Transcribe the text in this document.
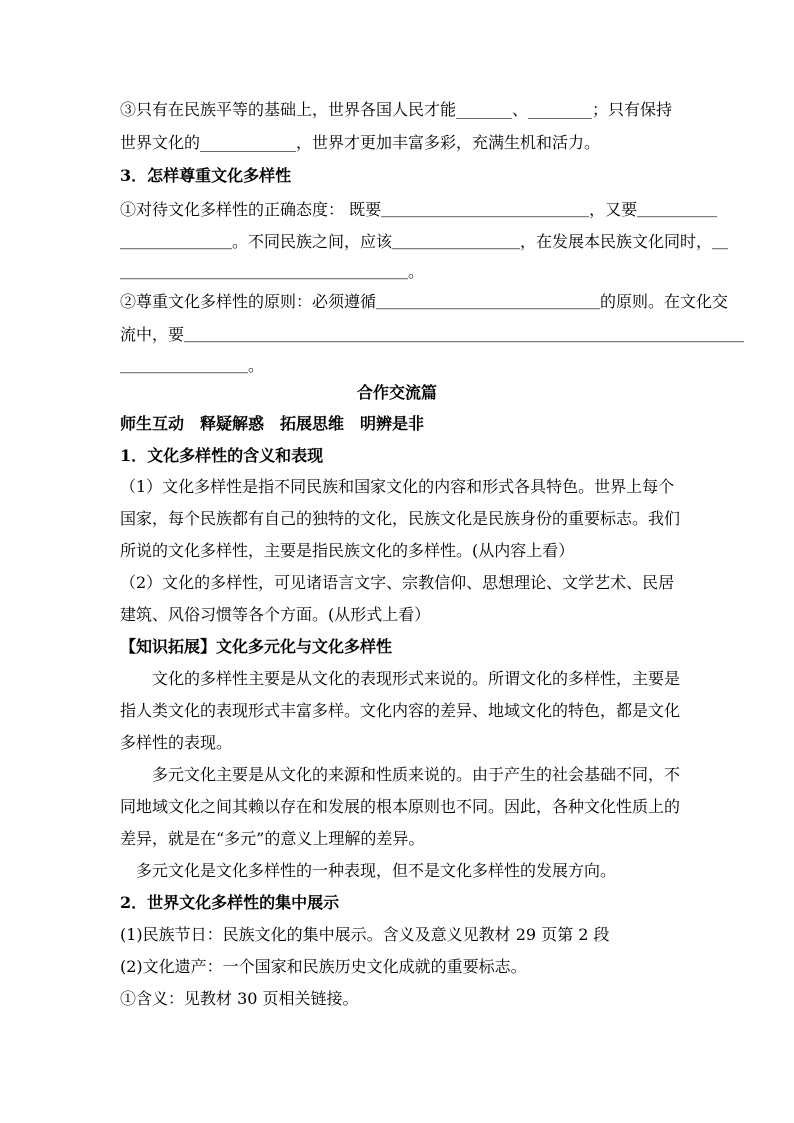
③只有在民族平等的基础上，世界各国人民才能_______、________；只有保持
世界文化的____________，世界才更加丰富多彩，充满生机和活力。
3．怎样尊重文化多样性
①对待文化多样性的正确态度： 既要＿＿＿＿＿＿＿＿＿＿＿＿＿，又要＿＿＿＿＿
＿＿＿＿＿＿＿。不同民族之间，应该＿＿＿＿＿＿＿＿，在发展本民族文化同时，＿
＿＿＿＿＿＿＿＿＿＿＿＿＿＿＿＿＿＿。
②尊重文化多样性的原则：必须遵循＿＿＿＿＿＿＿＿＿＿＿＿＿＿的原则。在文化交
流中，要＿＿＿＿＿＿＿＿＿＿＿＿＿＿＿＿＿＿＿＿＿＿＿＿＿＿＿＿＿＿＿＿＿＿＿
＿＿＿＿＿＿＿＿。
合作交流篇
师生互动　释疑解惑　拓展思维　明辨是非
1．文化多样性的含义和表现
（1）文化多样性是指不同民族和国家文化的内容和形式各具特色。世界上每个
国家，每个民族都有自己的独特的文化，民族文化是民族身份的重要标志。我们
所说的文化多样性，主要是指民族文化的多样性。(从内容上看）
（2）文化的多样性，可见诸语言文字、宗教信仰、思想理论、文学艺术、民居
建筑、风俗习惯等各个方面。(从形式上看）
【知识拓展】文化多元化与文化多样性
　　文化的多样性主要是从文化的表现形式来说的。所谓文化的多样性，主要是
指人类文化的表现形式丰富多样。文化内容的差异、地域文化的特色，都是文化
多样性的表现。
　　多元文化主要是从文化的来源和性质来说的。由于产生的社会基础不同，不
同地域文化之间其赖以存在和发展的根本原则也不同。因此，各种文化性质上的
差异，就是在“多元”的意义上理解的差异。
　多元文化是文化多样性的一种表现，但不是文化多样性的发展方向。
2．世界文化多样性的集中展示
(1)民族节日：民族文化的集中展示。含义及意义见教材 29 页第 2 段
(2)文化遗产：一个国家和民族历史文化成就的重要标志。
①含义：见教材 30 页相关链接。
